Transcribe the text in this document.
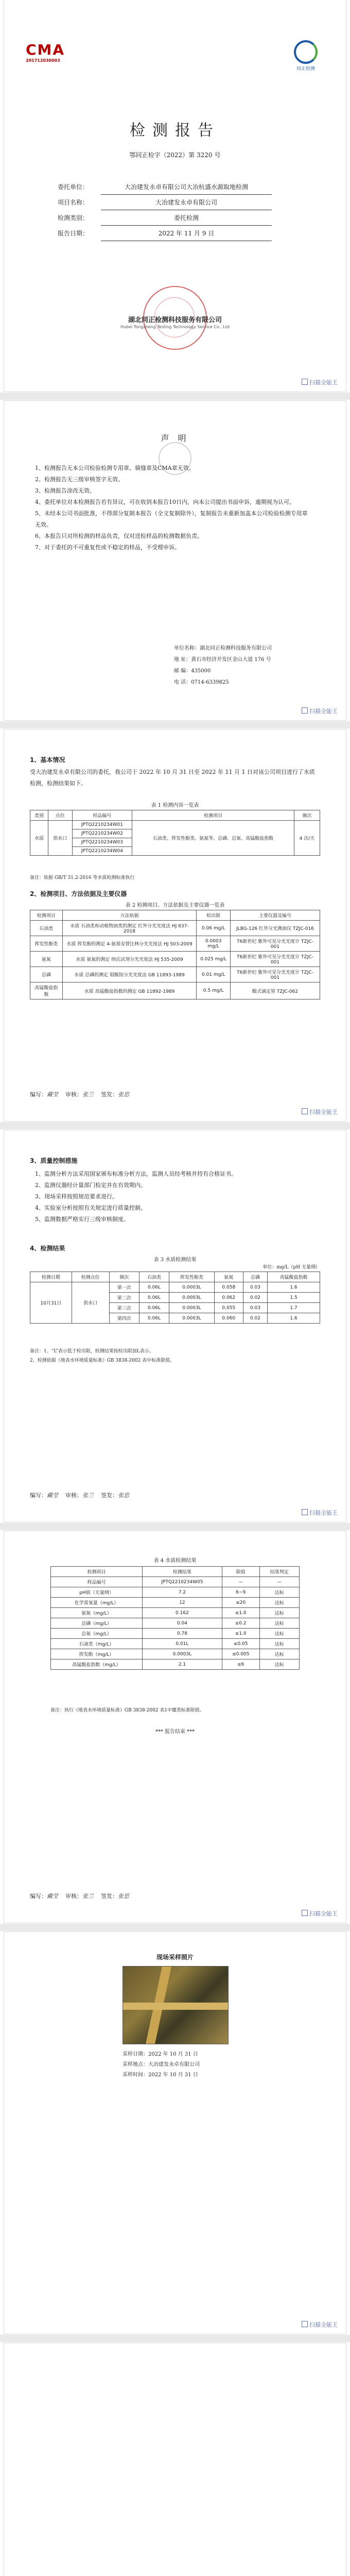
CMA
201712030003
同正检测
检测报告
鄂同正检字（2022）第 3220 号
委托单位：	大冶建发永卓有限公司大冶杭盛水源取地检测
项目名称：	大冶建发永卓有限公司
检测类别：	委托检测
报告日期：	2022 年 11 月 9 日
湖北同正检测科技服务有限公司
Hubei Tongzheng Testing Technology Service Co., Ltd
扫描全能王
声 明
1、检测报告无本公司检验检测专用章、骑缝章及CMA章无效。
2、检测报告无三级审核签字无效。
3、检测报告涂改无效。
4、委托单位对本检测报告若有异议，可在收到本报告10日内，向本公司提出书面申诉，逾期视为认可。
5、未经本公司书面批准，不得部分复制本报告（全文复制除外），复制报告未重新加盖本公司检验检测专用章无效。
6、本报告只对所检测的样品负责，仅对送检样品的检测数据负责。
7、对于委托的不可重复性或不稳定的样品，不受理申诉。
单位名称：湖北同正检测科技服务有限公司
地 址：黄石市经济开发区金山大道 176 号
邮 编：435000
电 话：0714-6339825
扫描全能王
1、基本情况
受大冶建发永卓有限公司的委托，我公司于 2022 年 10 月 31 日至 2022 年 11 月 1 日对该公司项目进行了水质检测，检测结果如下。
表 1 检测内容一览表
类别	点位	样品编号	检测项目	频次
水质	供水口	JPTQ2210234W01	石油类、挥发性酚类、氨氮等、总磷、总氮、高锰酸盐指数	4 次/天
		JPTQ2210234W02		
		JPTQ2210234W03		
		JPTQ2210234W04		
备注：依据 GB/T 31.2-2016 等水质检测标准执行
2、检测项目、方法依据及主要仪器
表 2 检测项目、方法依据及主要仪器一览表
检测项目	方法依据	检出限	主要仪器及编号
石油类	水质 石油类和动植物油类的测定 红外分光光度法 HJ 637-2018	0.06 mg/L	JLBG-126 红外分光测油仪 TZJC-016
挥发性酚类	水质 挥发酚的测定 4-氨基安替比林分光光度法 HJ 503-2009	0.0003 mg/L	T6新世纪 紫外可见分光光度计 TZJC-001
氨氮	水质 氨氮的测定 纳氏试剂分光光度法 HJ 535-2009	0.025 mg/L	T6新世纪 紫外可见分光光度计 TZJC-001
总磷	水质 总磷的测定 钼酸铵分光光度法 GB 11893-1989	0.01 mg/L	T6新世纪 紫外可见分光光度计 TZJC-001
高锰酸盐指数	水质 高锰酸盐指数的测定 GB 11892-1989	0.5 mg/L	酸式滴定管 TZJC-062
编写：藏莹 审核：张兰 签发：张思
扫描全能王
3、质量控制措施
1、监测分析方法采用国家颁布标准分析方法，监测人员经考核并持有合格证书。
2、监测仪器经计量部门检定并在有效期内。
3、现场采样按照规范要求进行。
4、实验室分析按照有关规定进行质量控制。
5、监测数据严格实行三级审核制度。
4、检测结果
表 3 水质检测结果
单位：mg/L（pH 无量纲）
检测日期	检测点位	频次	石油类	挥发性酚类	氨氮	总磷	高锰酸盐指数
10月31日	供水口	第一次	0.06L	0.0003L	0.058	0.03	1.6
		第二次	0.06L	0.0003L	0.062	0.02	1.5
		第三次	0.06L	0.0003L	0.055	0.03	1.7
		第四次	0.06L	0.0003L	0.060	0.02	1.6
备注：1、“L”表示低于检出限，检测结果按检出限加L表示。
2、检测依据《地表水环境质量标准》GB 3838-2002 表中标准限值。
编写：藏莹 审核：张兰 签发：张思
扫描全能王
表 4 水质检测结果
检测项目	检测结果	限值	结果判定
样品编号	JPTQ2210234W05	—	—
pH值（无量纲）	7.2	6~9	达标
化学需氧量（mg/L）	12	≤20	达标
氨氮（mg/L）	0.162	≤1.0	达标
总磷（mg/L）	0.04	≤0.2	达标
总氮（mg/L）	0.78	≤1.0	达标
石油类（mg/L）	0.01L	≤0.05	达标
挥发酚（mg/L）	0.0003L	≤0.005	达标
高锰酸盐指数（mg/L）	2.1	≤6	达标
备注：执行《地表水环境质量标准》GB 3838-2002 表1中Ⅲ类标准限值。
*** 报告结束 ***
编写：藏莹 审核：张兰 签发：张思
扫描全能王
现场采样照片
采样日期：2022 年 10 月 31 日
采样地点：大冶建发永卓有限公司
采样时间：2022 年 10 月 31 日
扫描全能王
